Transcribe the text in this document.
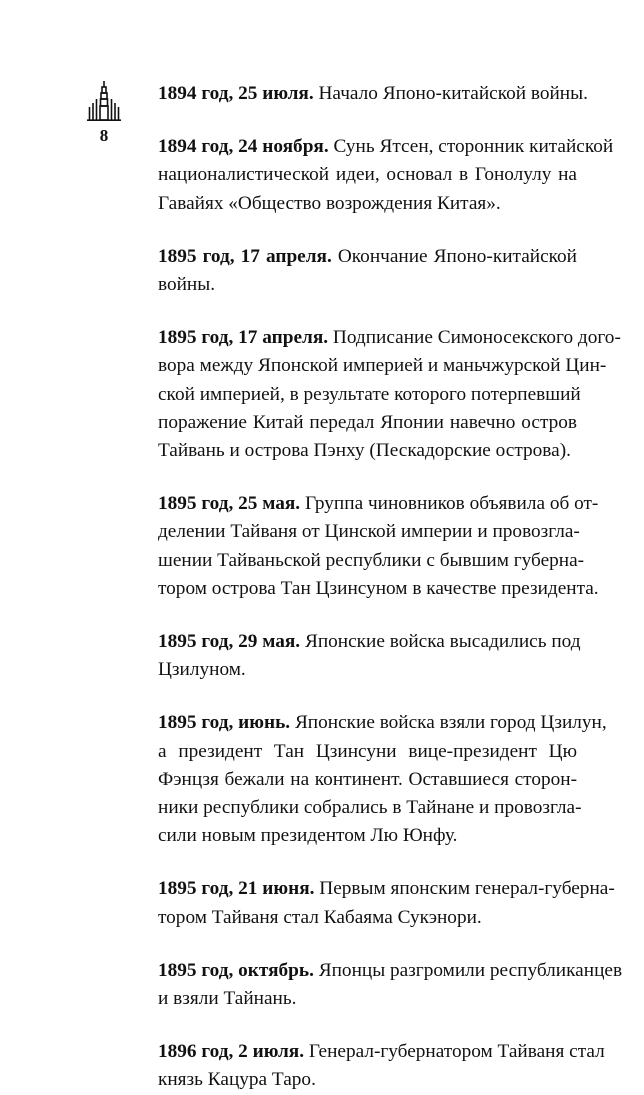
8

1894 год, 25 июля. Начало Японо-китайской войны.

1894 год, 24 ноября. Сунь Ятсен, сторонник китайской
националистической идеи, основал в Гонолулу на
Гавайях «Общество возрождения Китая».

1895 год, 17 апреля. Окончание Японо-китайской
войны.

1895 год, 17 апреля. Подписание Симоносекского дого-
вора между Японской империей и маньчжурской Цин-
ской империей, в результате которого потерпевший
поражение Китай передал Японии навечно остров
Тайвань и острова Пэнху (Пескадорские острова).

1895 год, 25 мая. Группа чиновников объявила об от-
делении Тайваня от Цинской империи и провозгла-
шении Тайваньской республики с бывшим губерна-
тором острова Тан Цзинсуном в качестве президента.

1895 год, 29 мая. Японские войска высадились под
Цзилуном.

1895 год, июнь. Японские войска взяли город Цзилун,
а президент Тан Цзинсуни вице-президент Цю
Фэнцзя бежали на континент. Оставшиеся сторон-
ники республики собрались в Тайнане и провозгла-
сили новым президентом Лю Юнфу.

1895 год, 21 июня. Первым японским генерал-губерна-
тором Тайваня стал Кабаяма Сукэнори.

1895 год, октябрь. Японцы разгромили республиканцев
и взяли Тайнань.

1896 год, 2 июля. Генерал-губернатором Тайваня стал
князь Кацура Таро.
